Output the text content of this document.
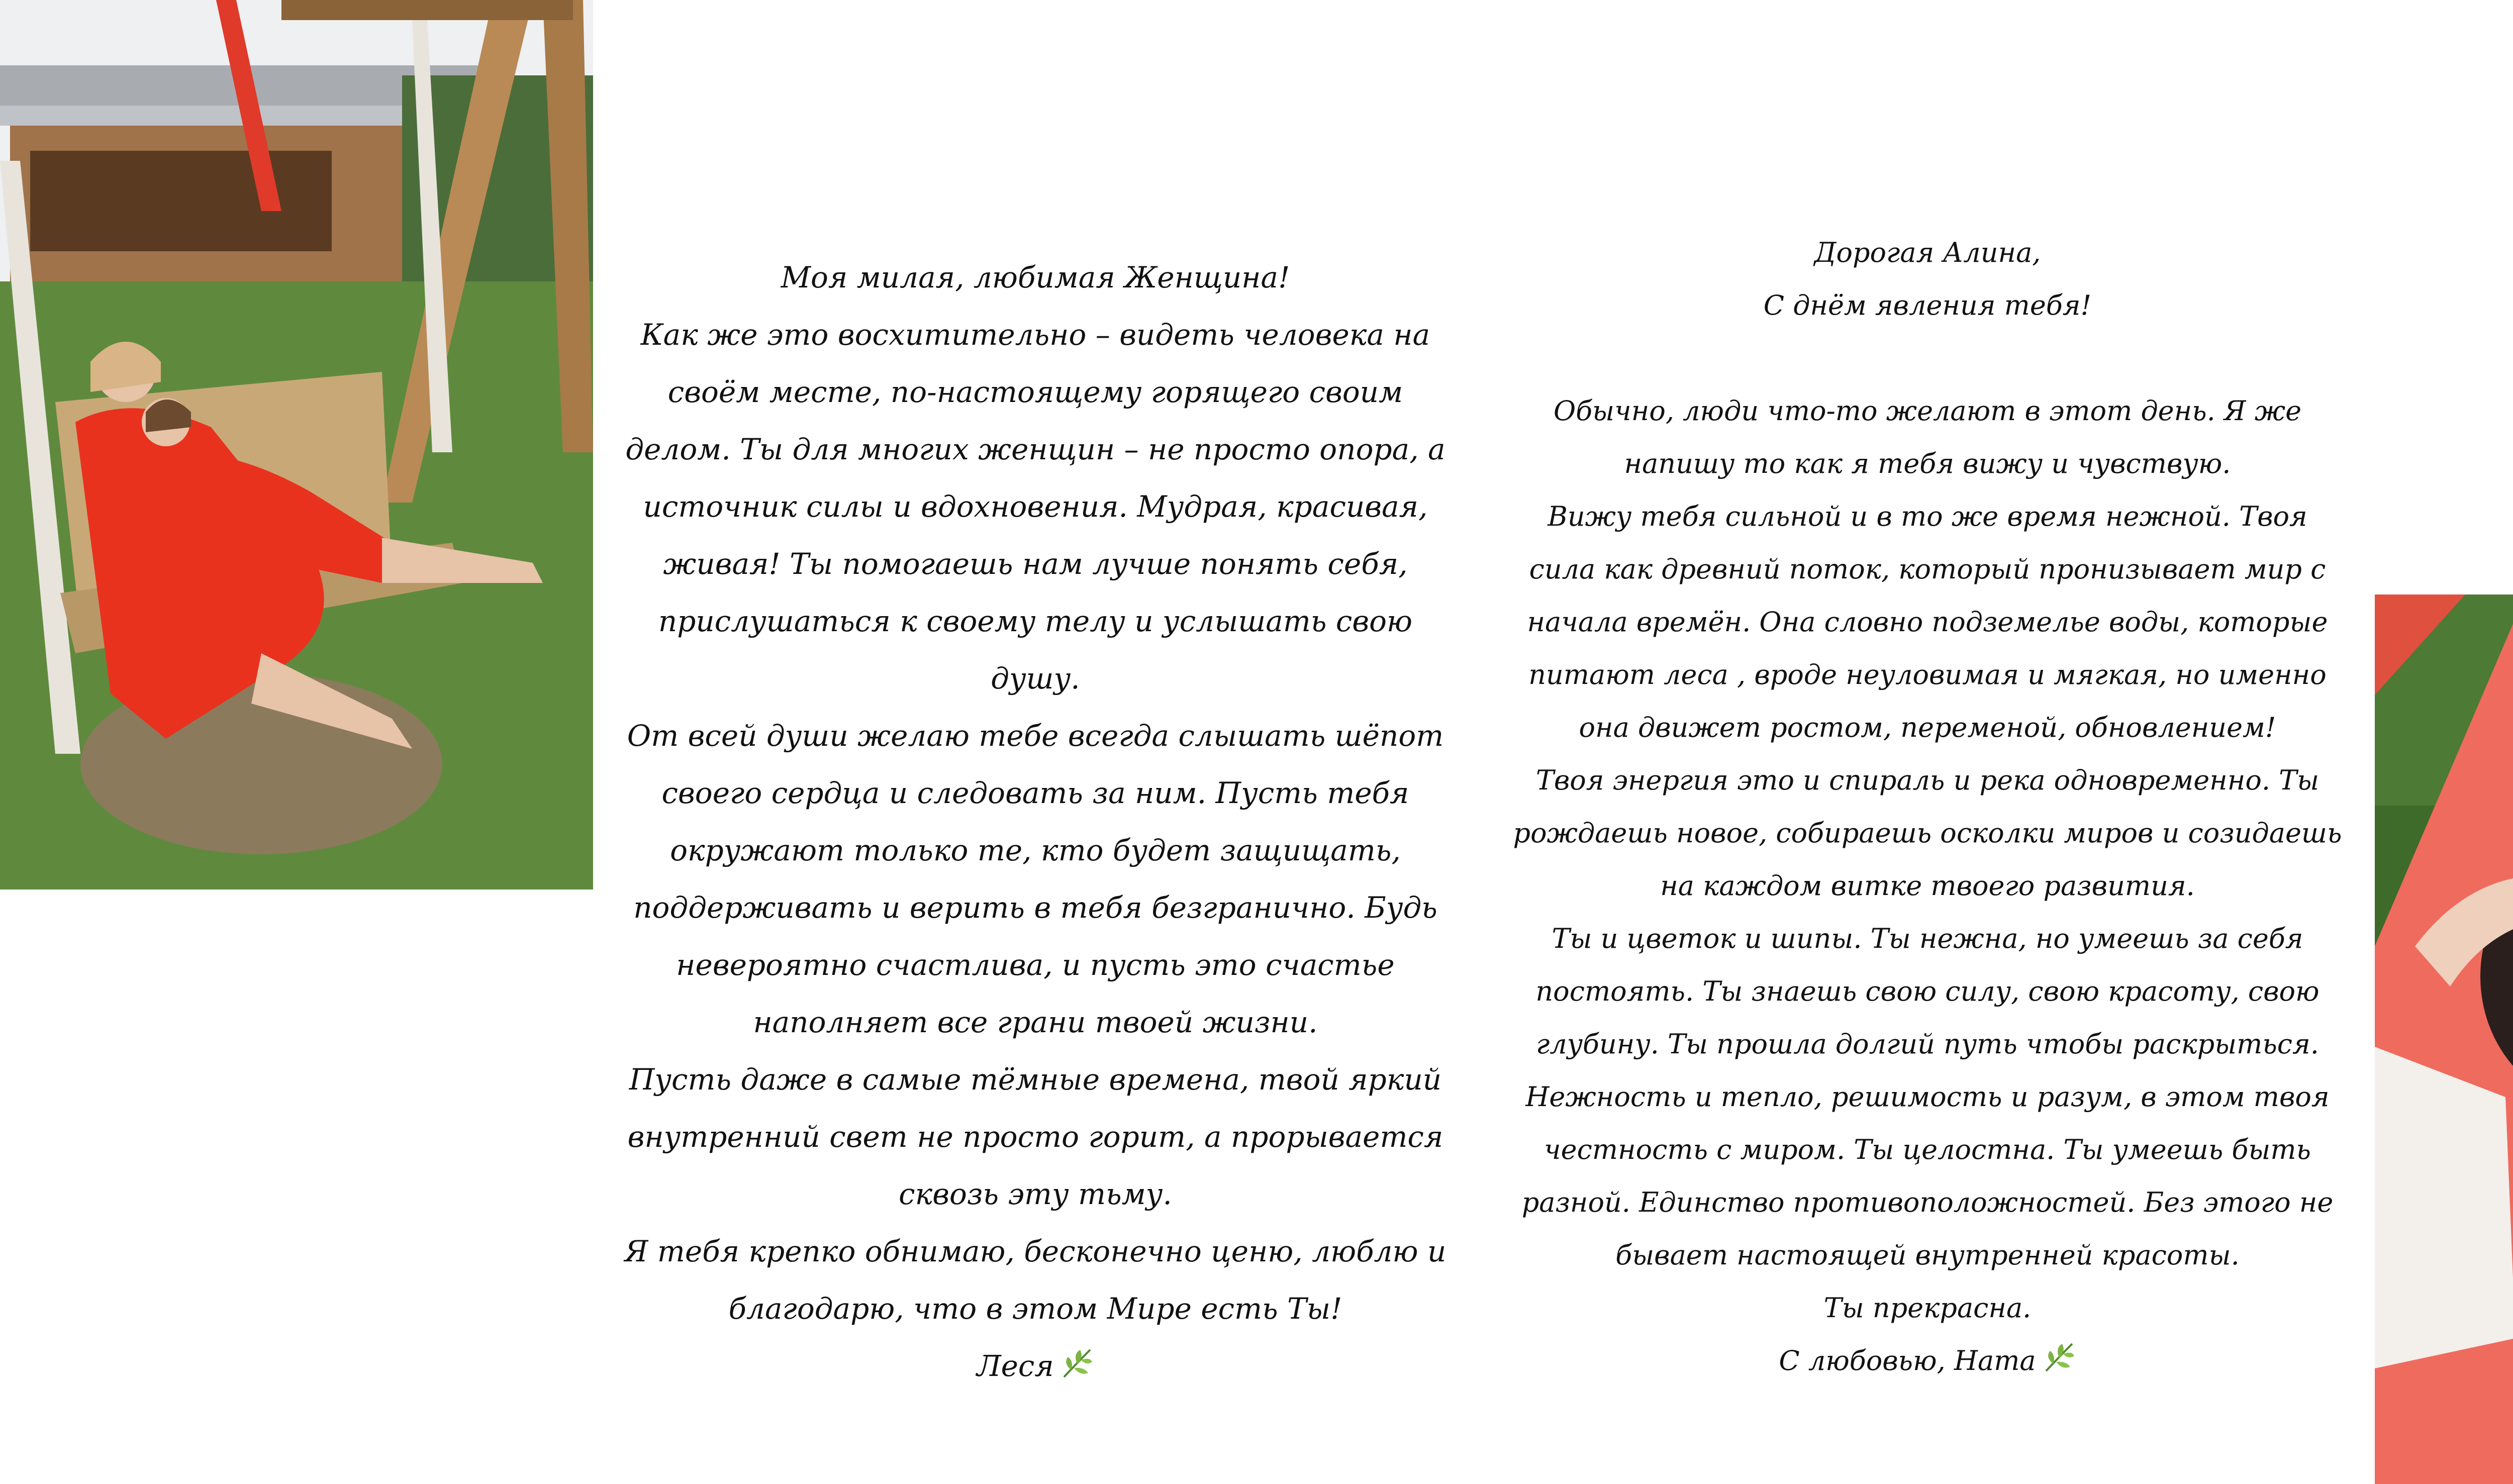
Моя милая, любимая Женщина!

Как же это восхитительно – видеть человека на своём месте, по-настоящему горящего своим делом. Ты для многих женщин – не просто опора, а источник силы и вдохновения. Мудрая, красивая, живая! Ты помогаешь нам лучше понять себя, прислушаться к своему телу и услышать свою душу.

От всей души желаю тебе всегда слышать шёпот своего сердца и следовать за ним. Пусть тебя окружают только те, кто будет защищать, поддерживать и верить в тебя безгранично. Будь невероятно счастлива, и пусть это счастье наполняет все грани твоей жизни.

Пусть даже в самые тёмные времена, твой яркий внутренний свет не просто горит, а прорывается сквозь эту тьму.

Я тебя крепко обнимаю, бесконечно ценю, люблю и благодарю, что в этом Мире есть Ты!

Леся

Дорогая Алина,

С днём явления тебя!

Обычно, люди что-то желают в этот день. Я же напишу то как я тебя вижу и чувствую.

Вижу тебя сильной и в то же время нежной. Твоя сила как древний поток, который пронизывает мир с начала времён. Она словно подземелье воды, которые питают леса , вроде неуловимая и мягкая, но именно она движет ростом, переменой, обновлением!

Твоя энергия это и спираль и река одновременно. Ты рождаешь новое, собираешь осколки миров и созидаешь на каждом витке твоего развития.

Ты и цветок и шипы. Ты нежна, но умеешь за себя постоять. Ты знаешь свою силу, свою красоту, свою глубину. Ты прошла долгий путь чтобы раскрыться. Нежность и тепло, решимость и разум, в этом твоя честность с миром. Ты целостна. Ты умеешь быть разной. Единство противоположностей. Без этого не бывает настоящей внутренней красоты.

Ты прекрасна.

С любовью, Ната
